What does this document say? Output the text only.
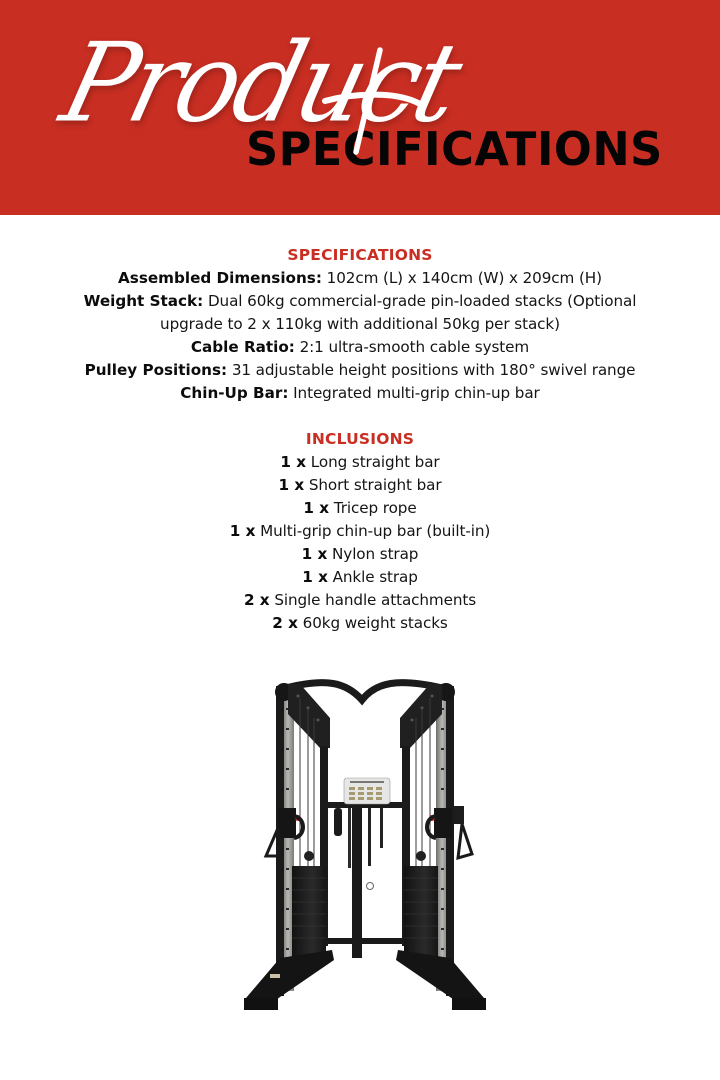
SPECIFICATIONS
Product
SPECIFICATIONS
Assembled Dimensions: 102cm (L) x 140cm (W) x 209cm (H)
Weight Stack: Dual 60kg commercial-grade pin-loaded stacks (Optional
upgrade to 2 x 110kg with additional 50kg per stack)
Cable Ratio: 2:1 ultra-smooth cable system
Pulley Positions: 31 adjustable height positions with 180° swivel range
Chin-Up Bar: Integrated multi-grip chin-up bar
INCLUSIONS
1 x Long straight bar
1 x Short straight bar
1 x Tricep rope
1 x Multi-grip chin-up bar (built-in)
1 x Nylon strap
1 x Ankle strap
2 x Single handle attachments
2 x 60kg weight stacks
